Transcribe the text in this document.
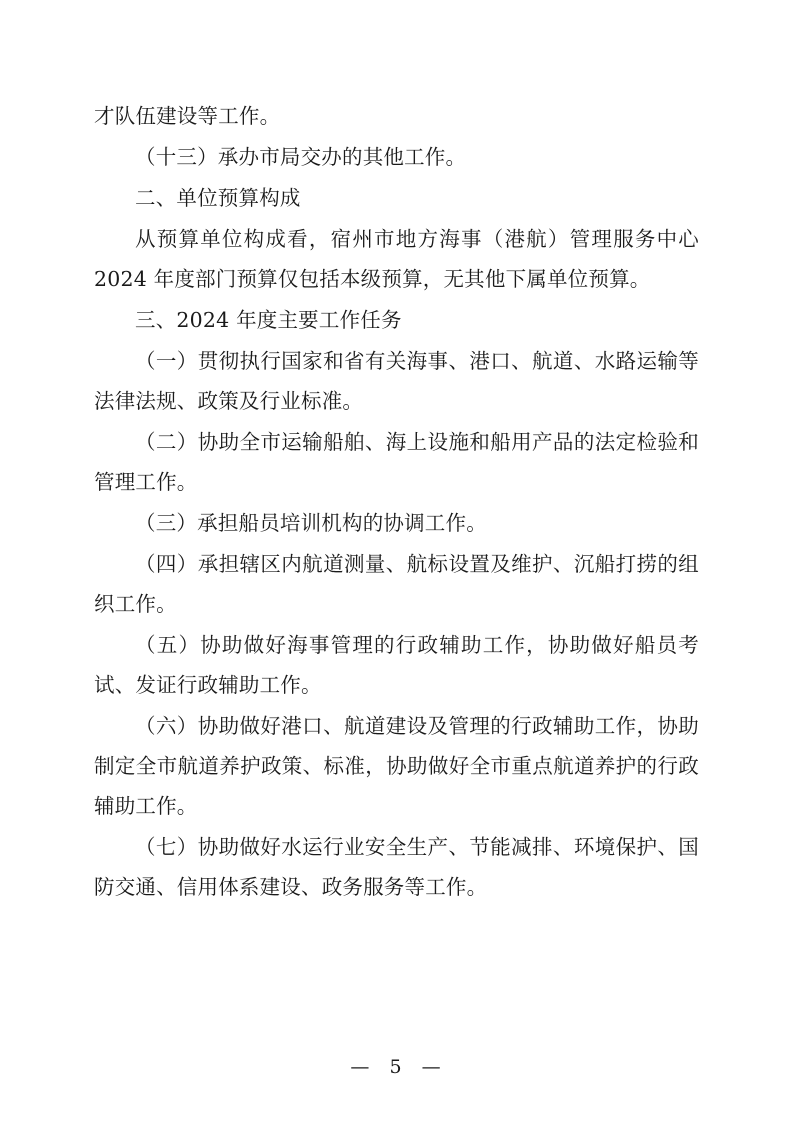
才队伍建设等工作。

（十三）承办市局交办的其他工作。

二、单位预算构成

从预算单位构成看，宿州市地方海事（港航）管理服务中心 2024 年度部门预算仅包括本级预算，无其他下属单位预算。

三、2024 年度主要工作任务

（一）贯彻执行国家和省有关海事、港口、航道、水路运输等法律法规、政策及行业标准。

（二）协助全市运输船舶、海上设施和船用产品的法定检验和管理工作。

（三）承担船员培训机构的协调工作。

（四）承担辖区内航道测量、航标设置及维护、沉船打捞的组织工作。

（五）协助做好海事管理的行政辅助工作，协助做好船员考试、发证行政辅助工作。

（六）协助做好港口、航道建设及管理的行政辅助工作，协助制定全市航道养护政策、标准，协助做好全市重点航道养护的行政辅助工作。

（七）协助做好水运行业安全生产、节能减排、环境保护、国防交通、信用体系建设、政务服务等工作。

— 5 —
